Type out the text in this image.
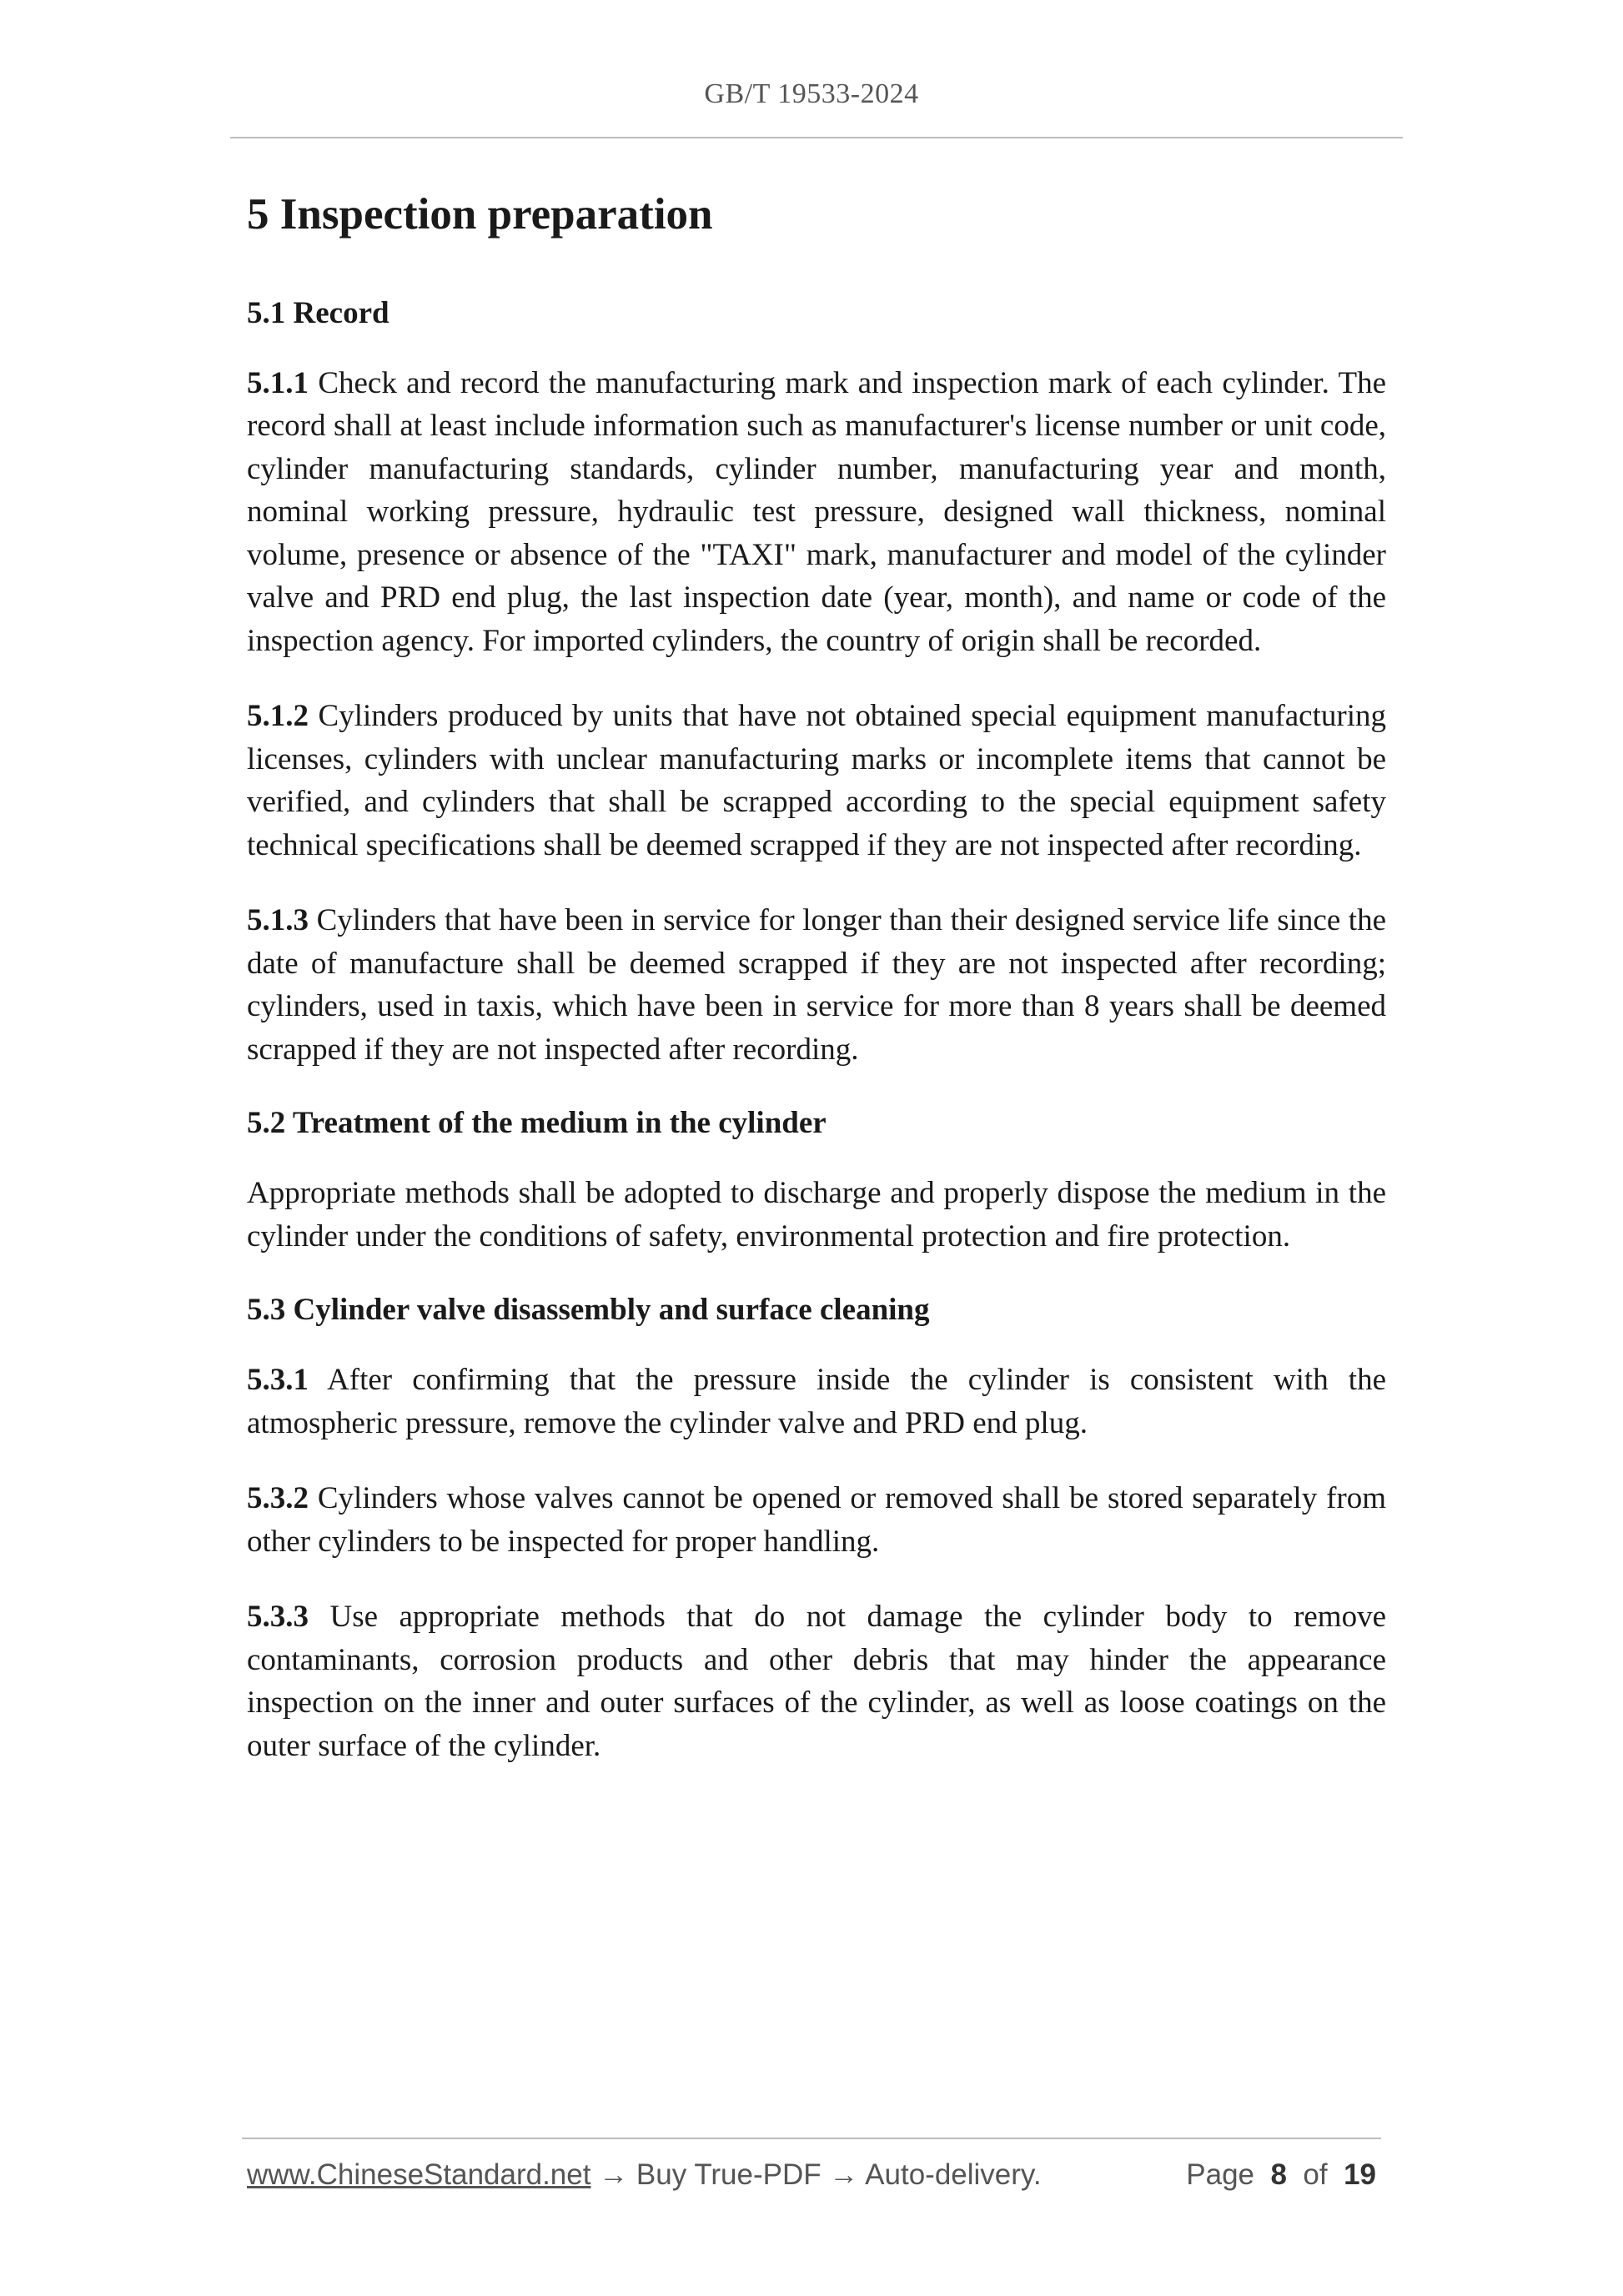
GB/T 19533-2024
5 Inspection preparation
5.1 Record

5.1.1 Check and record the manufacturing mark and inspection mark of each cylinder. The record shall at least include information such as manufacturer's license number or unit code, cylinder manufacturing standards, cylinder number, manufacturing year and month, nominal working pressure, hydraulic test pressure, designed wall thickness, nominal volume, presence or absence of the "TAXI" mark, manufacturer and model of the cylinder valve and PRD end plug, the last inspection date (year, month), and name or code of the inspection agency. For imported cylinders, the country of origin shall be recorded.

5.1.2 Cylinders produced by units that have not obtained special equipment manufacturing licenses, cylinders with unclear manufacturing marks or incomplete items that cannot be verified, and cylinders that shall be scrapped according to the special equipment safety technical specifications shall be deemed scrapped if they are not inspected after recording.

5.1.3 Cylinders that have been in service for longer than their designed service life since the date of manufacture shall be deemed scrapped if they are not inspected after recording; cylinders, used in taxis, which have been in service for more than 8 years shall be deemed scrapped if they are not inspected after recording.

5.2 Treatment of the medium in the cylinder

Appropriate methods shall be adopted to discharge and properly dispose the medium in the cylinder under the conditions of safety, environmental protection and fire protection.

5.3 Cylinder valve disassembly and surface cleaning

5.3.1 After confirming that the pressure inside the cylinder is consistent with the atmospheric pressure, remove the cylinder valve and PRD end plug.

5.3.2 Cylinders whose valves cannot be opened or removed shall be stored separately from other cylinders to be inspected for proper handling.

5.3.3 Use appropriate methods that do not damage the cylinder body to remove contaminants, corrosion products and other debris that may hinder the appearance inspection on the inner and outer surfaces of the cylinder, as well as loose coatings on the outer surface of the cylinder.

www.ChineseStandard.net → Buy True-PDF → Auto-delivery.	Page 8 of 19
